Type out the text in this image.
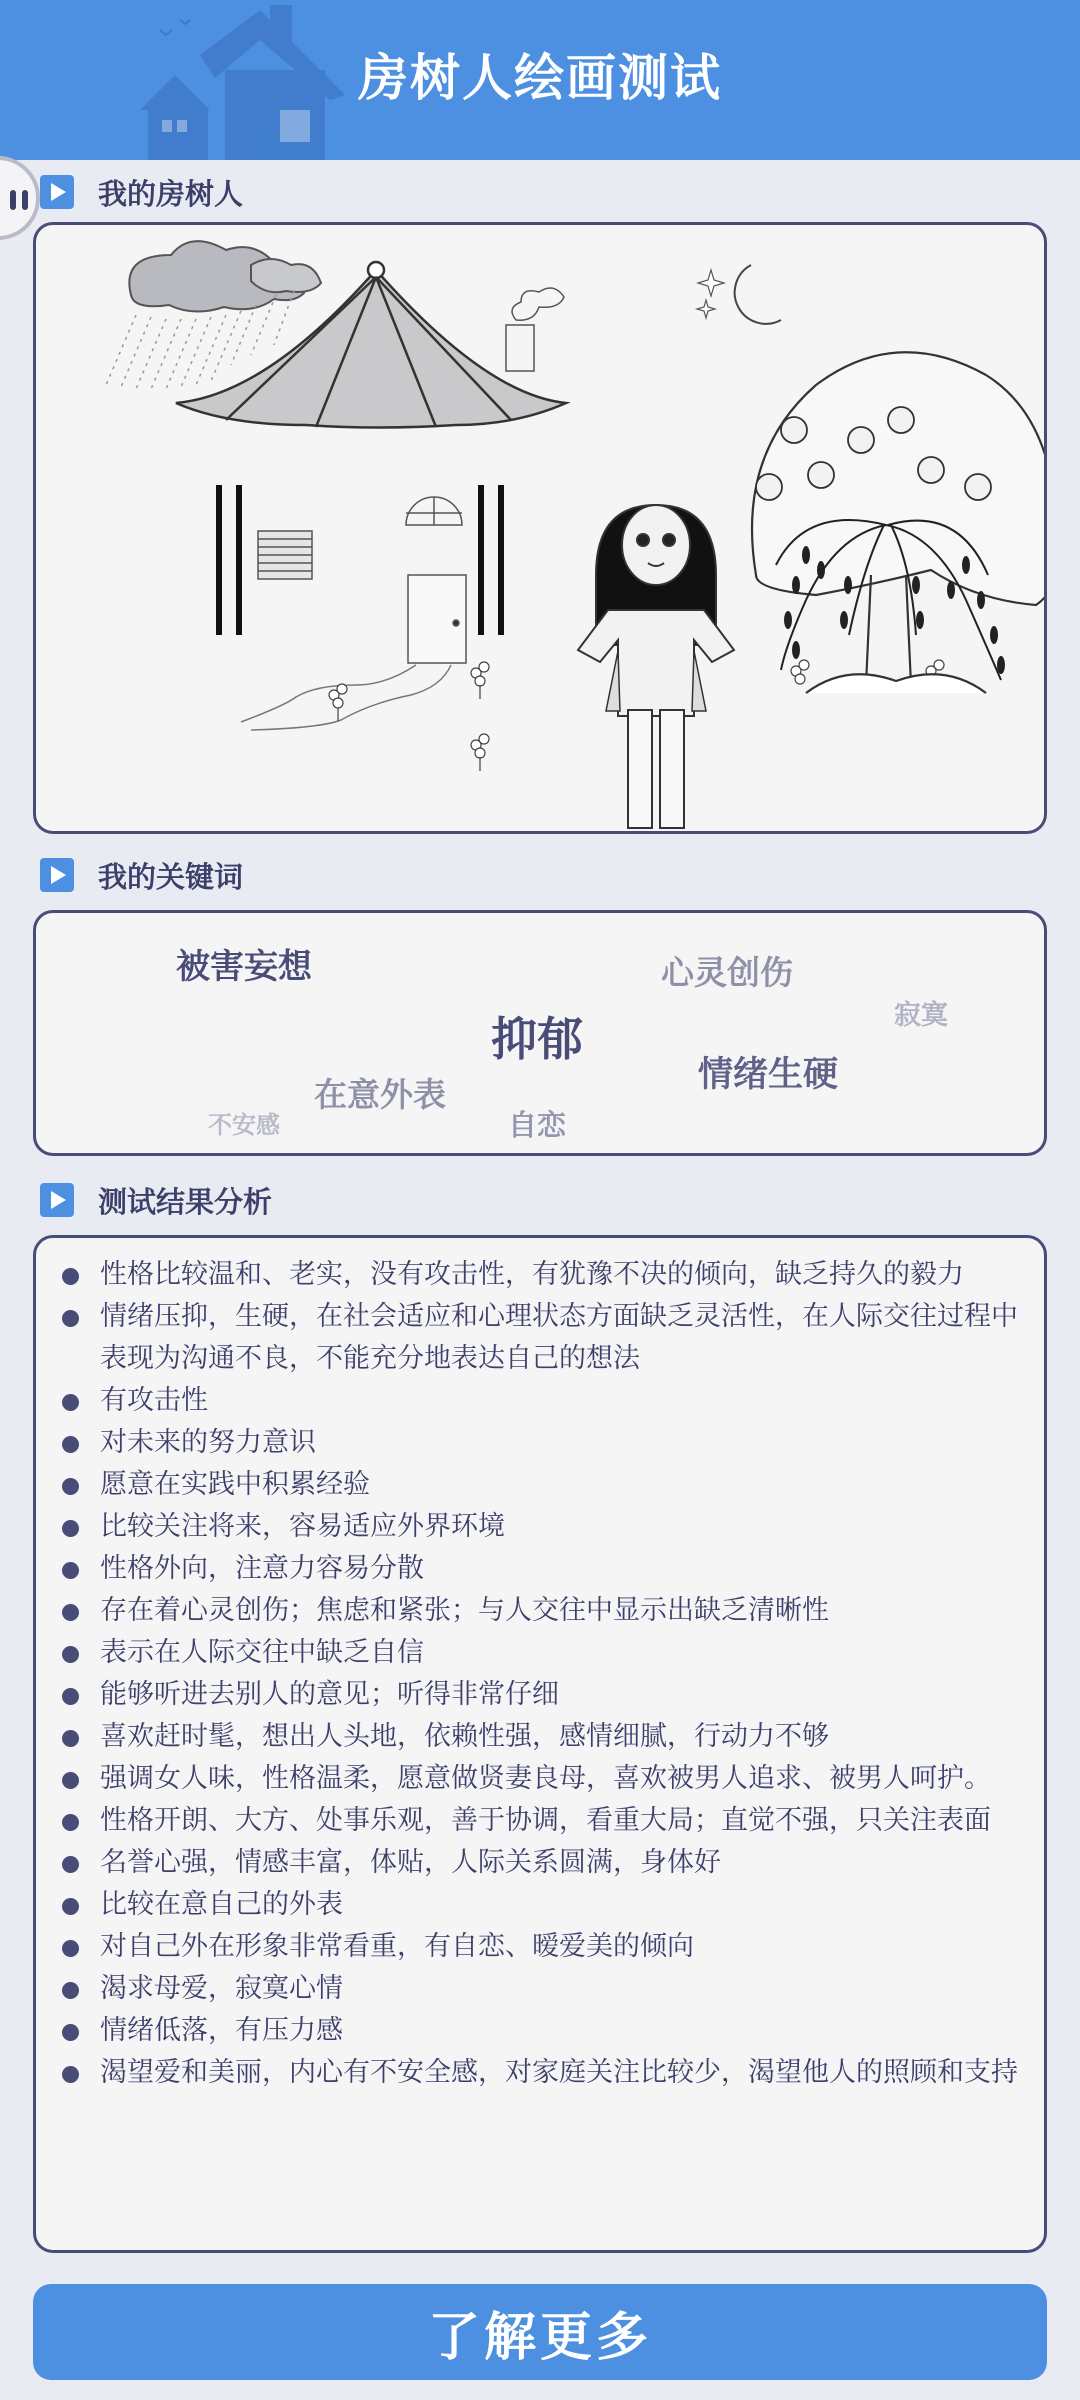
房树人绘画测试
我的房树人
我的关键词
被害妄想	心灵创伤
寂寞
抑郁
情绪生硬
在意外表
不安感	自恋
测试结果分析
性格比较温和、老实，没有攻击性，有犹豫不决的倾向，缺乏持久的毅力
情绪压抑，生硬，在社会适应和心理状态方面缺乏灵活性，在人际交往过程中表现为沟通不良，不能充分地表达自己的想法
有攻击性
对未来的努力意识
愿意在实践中积累经验
比较关注将来，容易适应外界环境
性格外向，注意力容易分散
存在着心灵创伤；焦虑和紧张；与人交往中显示出缺乏清晰性
表示在人际交往中缺乏自信
能够听进去别人的意见；听得非常仔细
喜欢赶时髦，想出人头地，依赖性强，感情细腻，行动力不够
强调女人味，性格温柔，愿意做贤妻良母，喜欢被男人追求、被男人呵护。
性格开朗、大方、处事乐观，善于协调，看重大局；直觉不强，只关注表面
名誉心强，情感丰富，体贴，人际关系圆满，身体好
比较在意自己的外表
对自己外在形象非常看重，有自恋、暧爱美的倾向
渴求母爱，寂寞心情
情绪低落，有压力感
渴望爱和美丽，内心有不安全感，对家庭关注比较少，渴望他人的照顾和支持
了解更多
